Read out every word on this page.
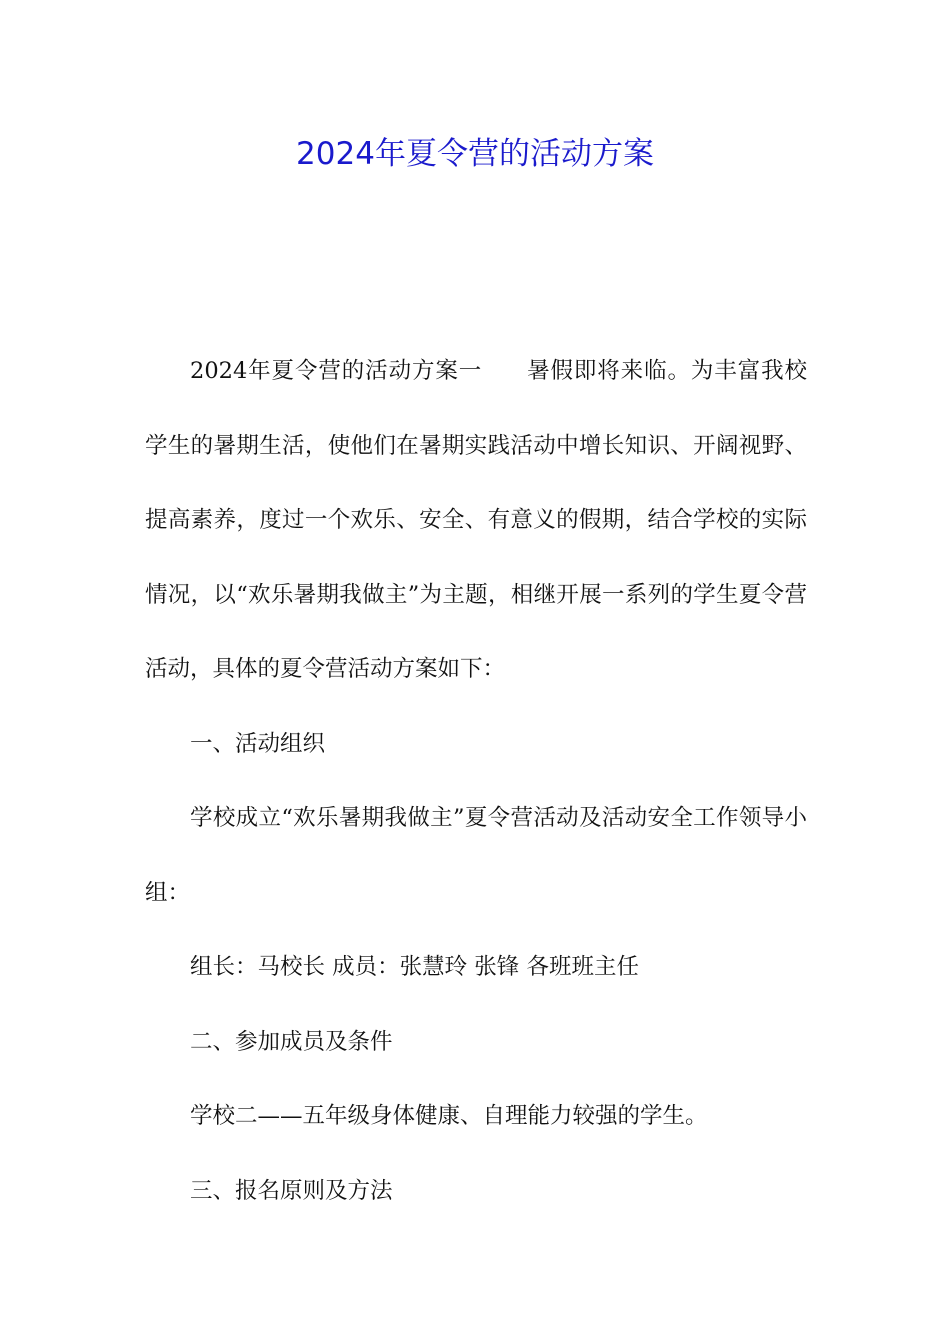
2024年夏令营的活动方案

2024年夏令营的活动方案一 暑假即将来临。为丰富我校学生的暑期生活，使他们在暑期实践活动中增长知识、开阔视野、提高素养，度过一个欢乐、安全、有意义的假期，结合学校的实际情况，以“欢乐暑期我做主”为主题，相继开展一系列的学生夏令营活动，具体的夏令营活动方案如下：

一、活动组织

学校成立“欢乐暑期我做主”夏令营活动及活动安全工作领导小组：

组长：马校长 成员：张慧玲 张锋 各班班主任

二、参加成员及条件

学校二——五年级身体健康、自理能力较强的学生。

三、报名原则及方法
